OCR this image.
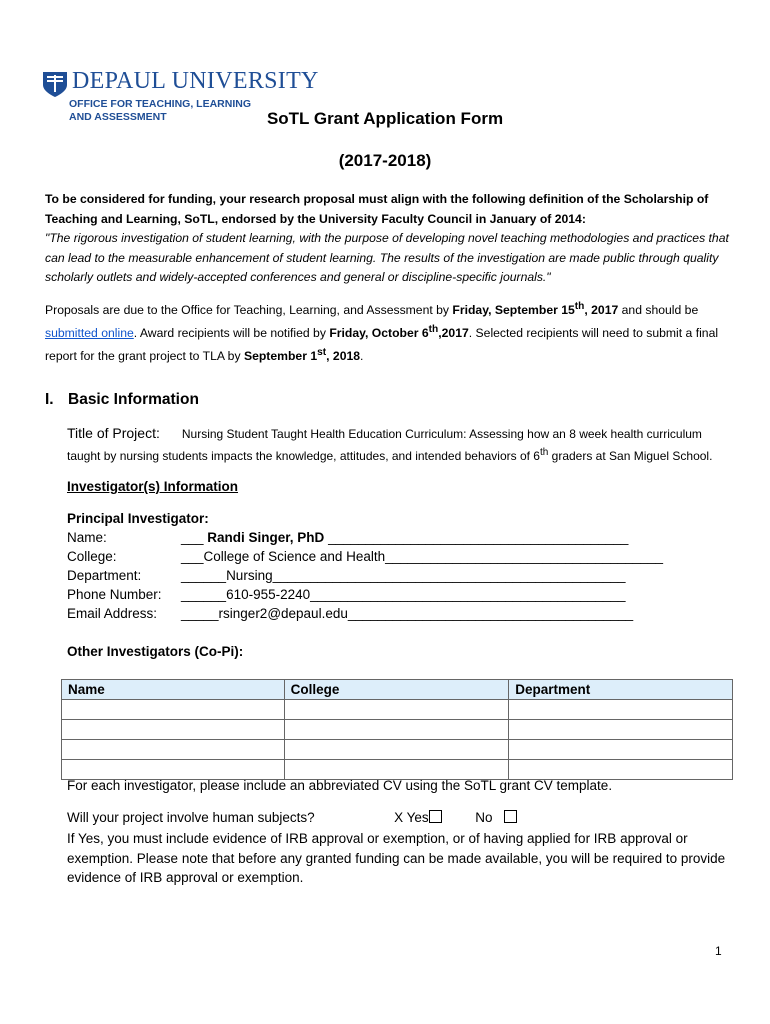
DEPAUL UNIVERSITY
OFFICE FOR TEACHING, LEARNING
AND ASSESSMENT	SoTL Grant Application Form
(2017-2018)
To be considered for funding, your research proposal must align with the following definition of the Scholarship of Teaching and Learning, SoTL, endorsed by the University Faculty Council in January of 2014:
"The rigorous investigation of student learning, with the purpose of developing novel teaching methodologies and practices that can lead to the measurable enhancement of student learning. The results of the investigation are made public through quality scholarly outlets and widely-accepted conferences and general or discipline-specific journals."
Proposals are due to the Office for Teaching, Learning, and Assessment by Friday, September 15th, 2017 and should be submitted online. Award recipients will be notified by Friday, October 6th,2017. Selected recipients will need to submit a final report for the grant project to TLA by September 1st, 2018.
I. Basic Information
Title of Project: Nursing Student Taught Health Education Curriculum: Assessing how an 8 week health curriculum taught by nursing students impacts the knowledge, attitudes, and intended behaviors of 6th graders at San Miguel School.
Investigator(s) Information
Principal Investigator:
Name:	___ Randi Singer, PhD ________________________________________
College:	___College of Science and Health_____________________________________
Department:	______Nursing_______________________________________________
Phone Number: ______610-955-2240__________________________________________
Email Address: _____rsinger2@depaul.edu______________________________________
Other Investigators (Co-Pi):
Name	College	Department

For each investigator, please include an abbreviated CV using the SoTL grant CV template.
Will your project involve human subjects?	X Yes	No
If Yes, you must include evidence of IRB approval or exemption, or of having applied for IRB approval or exemption. Please note that before any granted funding can be made available, you will be required to provide evidence of IRB approval or exemption.
1
